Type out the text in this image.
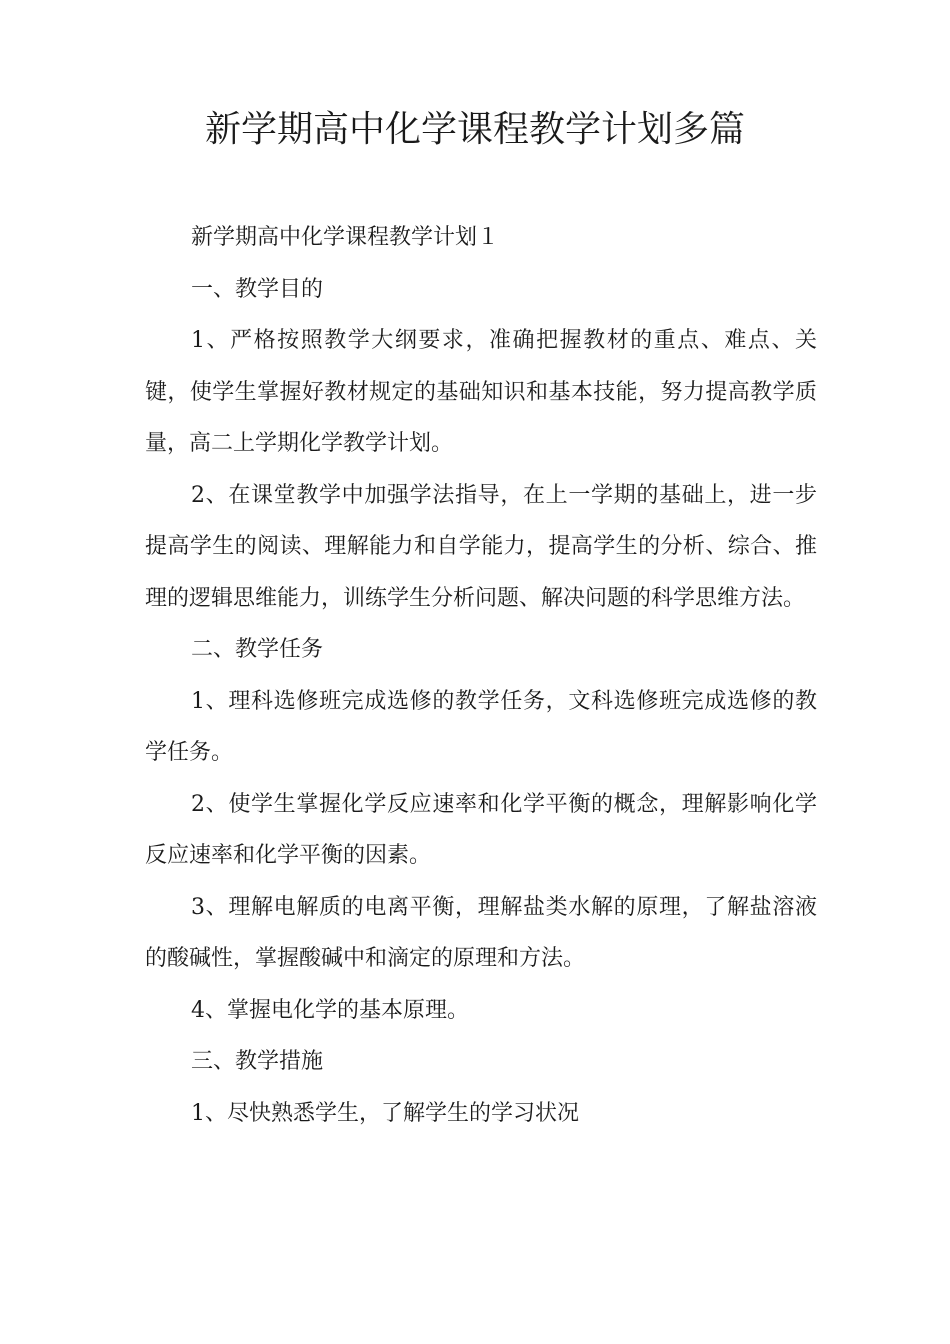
新学期高中化学课程教学计划多篇

新学期高中化学课程教学计划１

一、教学目的

1、严格按照教学大纲要求，准确把握教材的重点、难点、关键，使学生掌握好教材规定的基础知识和基本技能，努力提高教学质量，高二上学期化学教学计划。

2、在课堂教学中加强学法指导，在上一学期的基础上，进一步提高学生的阅读、理解能力和自学能力，提高学生的分析、综合、推理的逻辑思维能力，训练学生分析问题、解决问题的科学思维方法。

二、教学任务

1、理科选修班完成选修的教学任务，文科选修班完成选修的教学任务。

2、使学生掌握化学反应速率和化学平衡的概念，理解影响化学反应速率和化学平衡的因素。

3、理解电解质的电离平衡，理解盐类水解的原理，了解盐溶液的酸碱性，掌握酸碱中和滴定的原理和方法。

4、掌握电化学的基本原理。

三、教学措施

1、尽快熟悉学生，了解学生的学习状况
